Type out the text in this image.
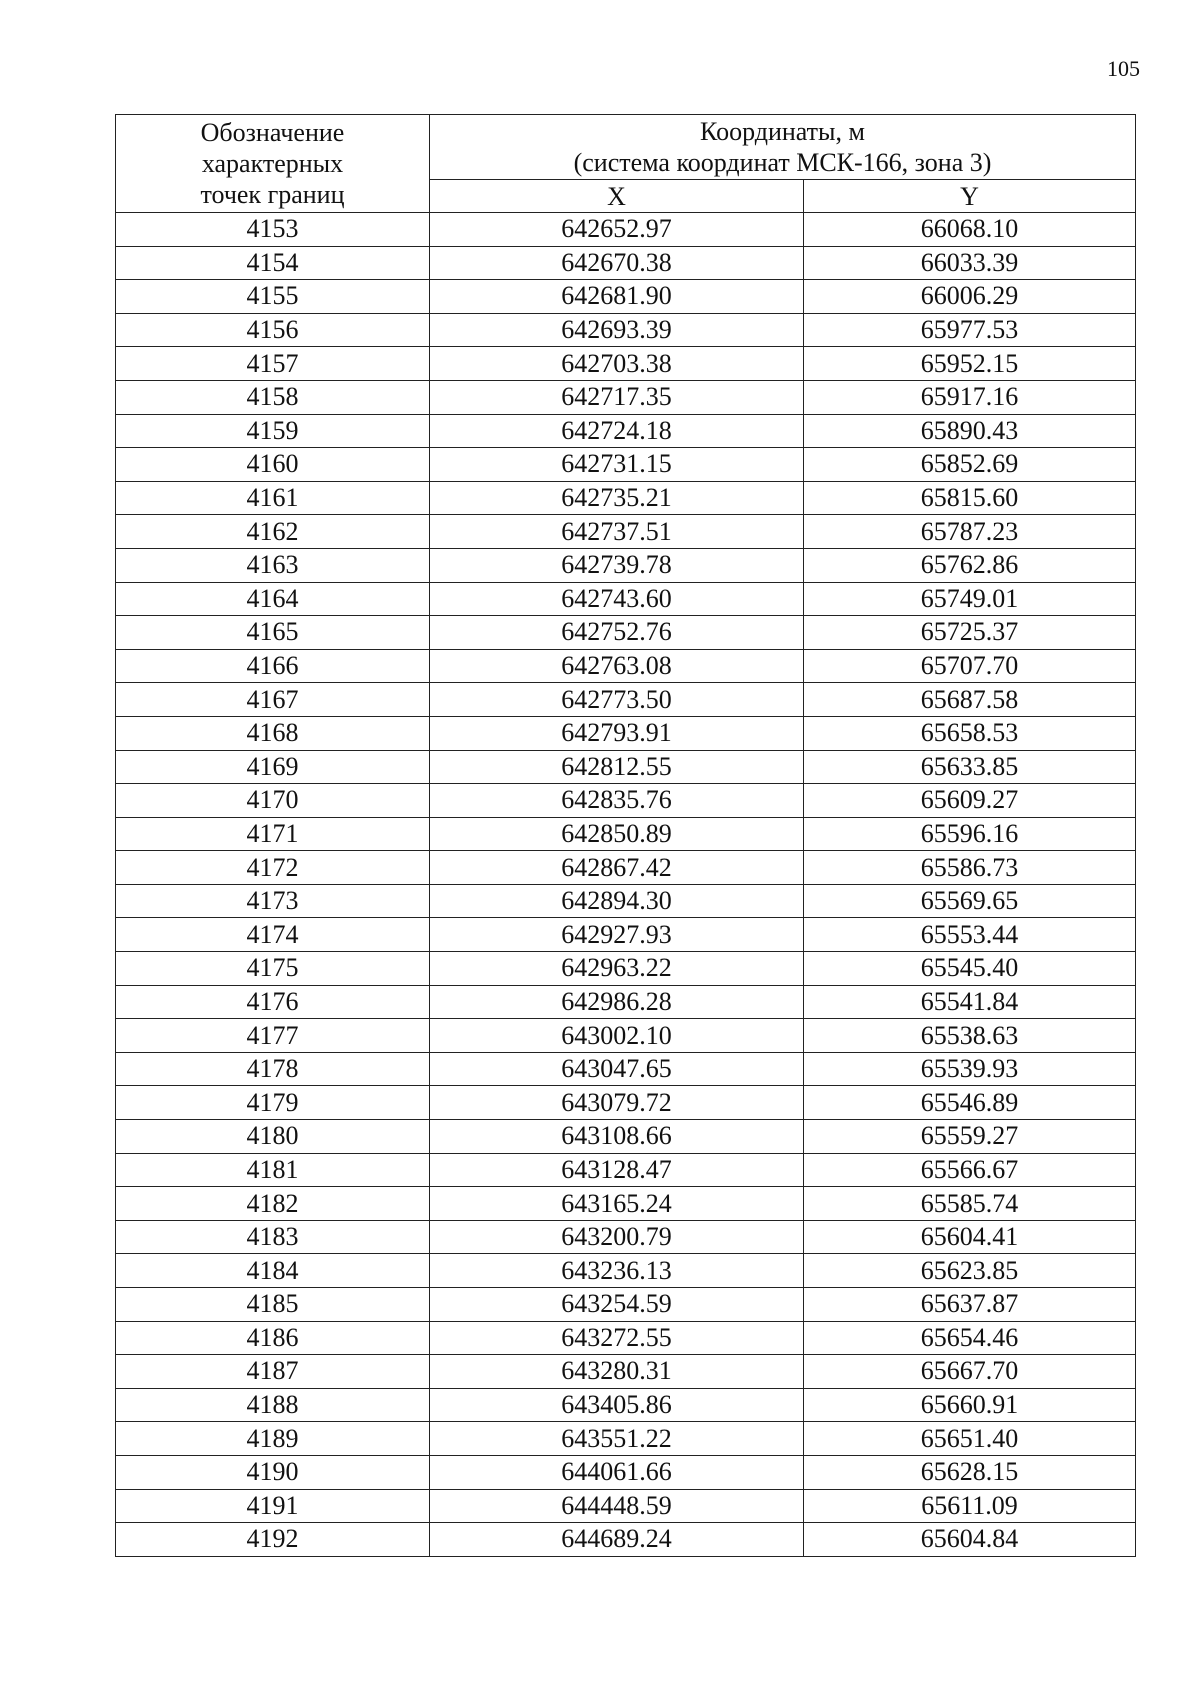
105
Обозначение
характерных
точек границ	Координаты, м
(система координат МСК-166, зона 3)	

	X	Y
4153	642652.97	66068.10
4154	642670.38	66033.39
4155	642681.90	66006.29
4156	642693.39	65977.53
4157	642703.38	65952.15
4158	642717.35	65917.16
4159	642724.18	65890.43
4160	642731.15	65852.69
4161	642735.21	65815.60
4162	642737.51	65787.23
4163	642739.78	65762.86
4164	642743.60	65749.01
4165	642752.76	65725.37
4166	642763.08	65707.70
4167	642773.50	65687.58
4168	642793.91	65658.53
4169	642812.55	65633.85
4170	642835.76	65609.27
4171	642850.89	65596.16
4172	642867.42	65586.73
4173	642894.30	65569.65
4174	642927.93	65553.44
4175	642963.22	65545.40
4176	642986.28	65541.84
4177	643002.10	65538.63
4178	643047.65	65539.93
4179	643079.72	65546.89
4180	643108.66	65559.27
4181	643128.47	65566.67
4182	643165.24	65585.74
4183	643200.79	65604.41
4184	643236.13	65623.85
4185	643254.59	65637.87
4186	643272.55	65654.46
4187	643280.31	65667.70
4188	643405.86	65660.91
4189	643551.22	65651.40
4190	644061.66	65628.15
4191	644448.59	65611.09
4192	644689.24	65604.84
